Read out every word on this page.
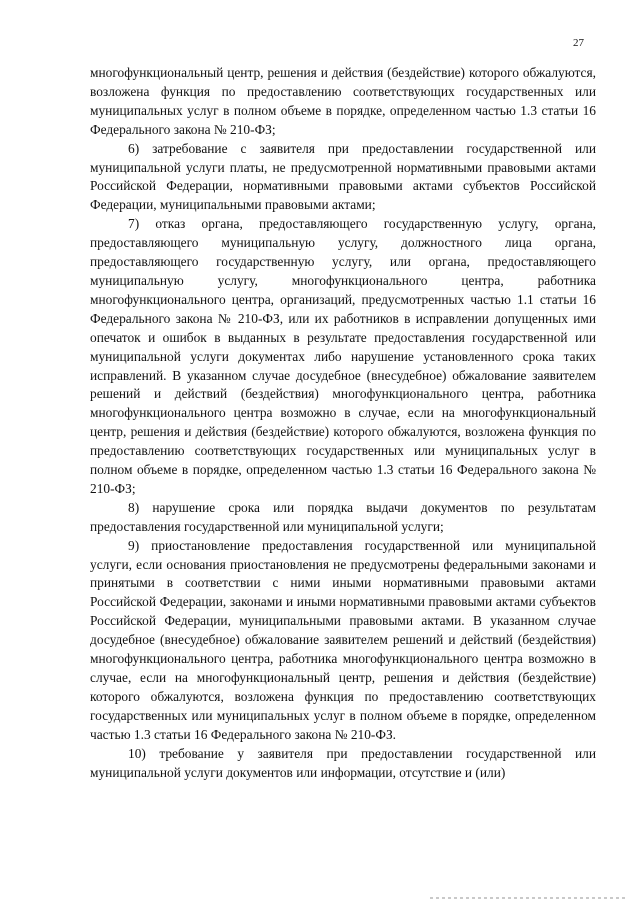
27

многофункциональный центр, решения и действия (бездействие) которого обжалуются, возложена функция по предоставлению соответствующих государственных или муниципальных услуг в полном объеме в порядке, определенном частью 1.3 статьи 16 Федерального закона № 210-ФЗ;

6) затребование с заявителя при предоставлении государственной или муниципальной услуги платы, не предусмотренной нормативными правовыми актами Российской Федерации, нормативными правовыми актами субъектов Российской Федерации, муниципальными правовыми актами;

7) отказ органа, предоставляющего государственную услугу, органа, предоставляющего муниципальную услугу, должностного лица органа, предоставляющего государственную услугу, или органа, предоставляющего муниципальную услугу, многофункционального центра, работника многофункционального центра, организаций, предусмотренных частью 1.1 статьи 16 Федерального закона № 210-ФЗ, или их работников в исправлении допущенных ими опечаток и ошибок в выданных в результате предоставления государственной или муниципальной услуги документах либо нарушение установленного срока таких исправлений. В указанном случае досудебное (внесудебное) обжалование заявителем решений и действий (бездействия) многофункционального центра, работника многофункционального центра возможно в случае, если на многофункциональный центр, решения и действия (бездействие) которого обжалуются, возложена функция по предоставлению соответствующих государственных или муниципальных услуг в полном объеме в порядке, определенном частью 1.3 статьи 16 Федерального закона № 210-ФЗ;

8) нарушение срока или порядка выдачи документов по результатам предоставления государственной или муниципальной услуги;

9) приостановление предоставления государственной или муниципальной услуги, если основания приостановления не предусмотрены федеральными законами и принятыми в соответствии с ними иными нормативными правовыми актами Российской Федерации, законами и иными нормативными правовыми актами субъектов Российской Федерации, муниципальными правовыми актами. В указанном случае досудебное (внесудебное) обжалование заявителем решений и действий (бездействия) многофункционального центра, работника многофункционального центра возможно в случае, если на многофункциональный центр, решения и действия (бездействие) которого обжалуются, возложена функция по предоставлению соответствующих государственных или муниципальных услуг в полном объеме в порядке, определенном частью 1.3 статьи 16 Федерального закона № 210-ФЗ.

10) требование у заявителя при предоставлении государственной или муниципальной услуги документов или информации, отсутствие и (или)
